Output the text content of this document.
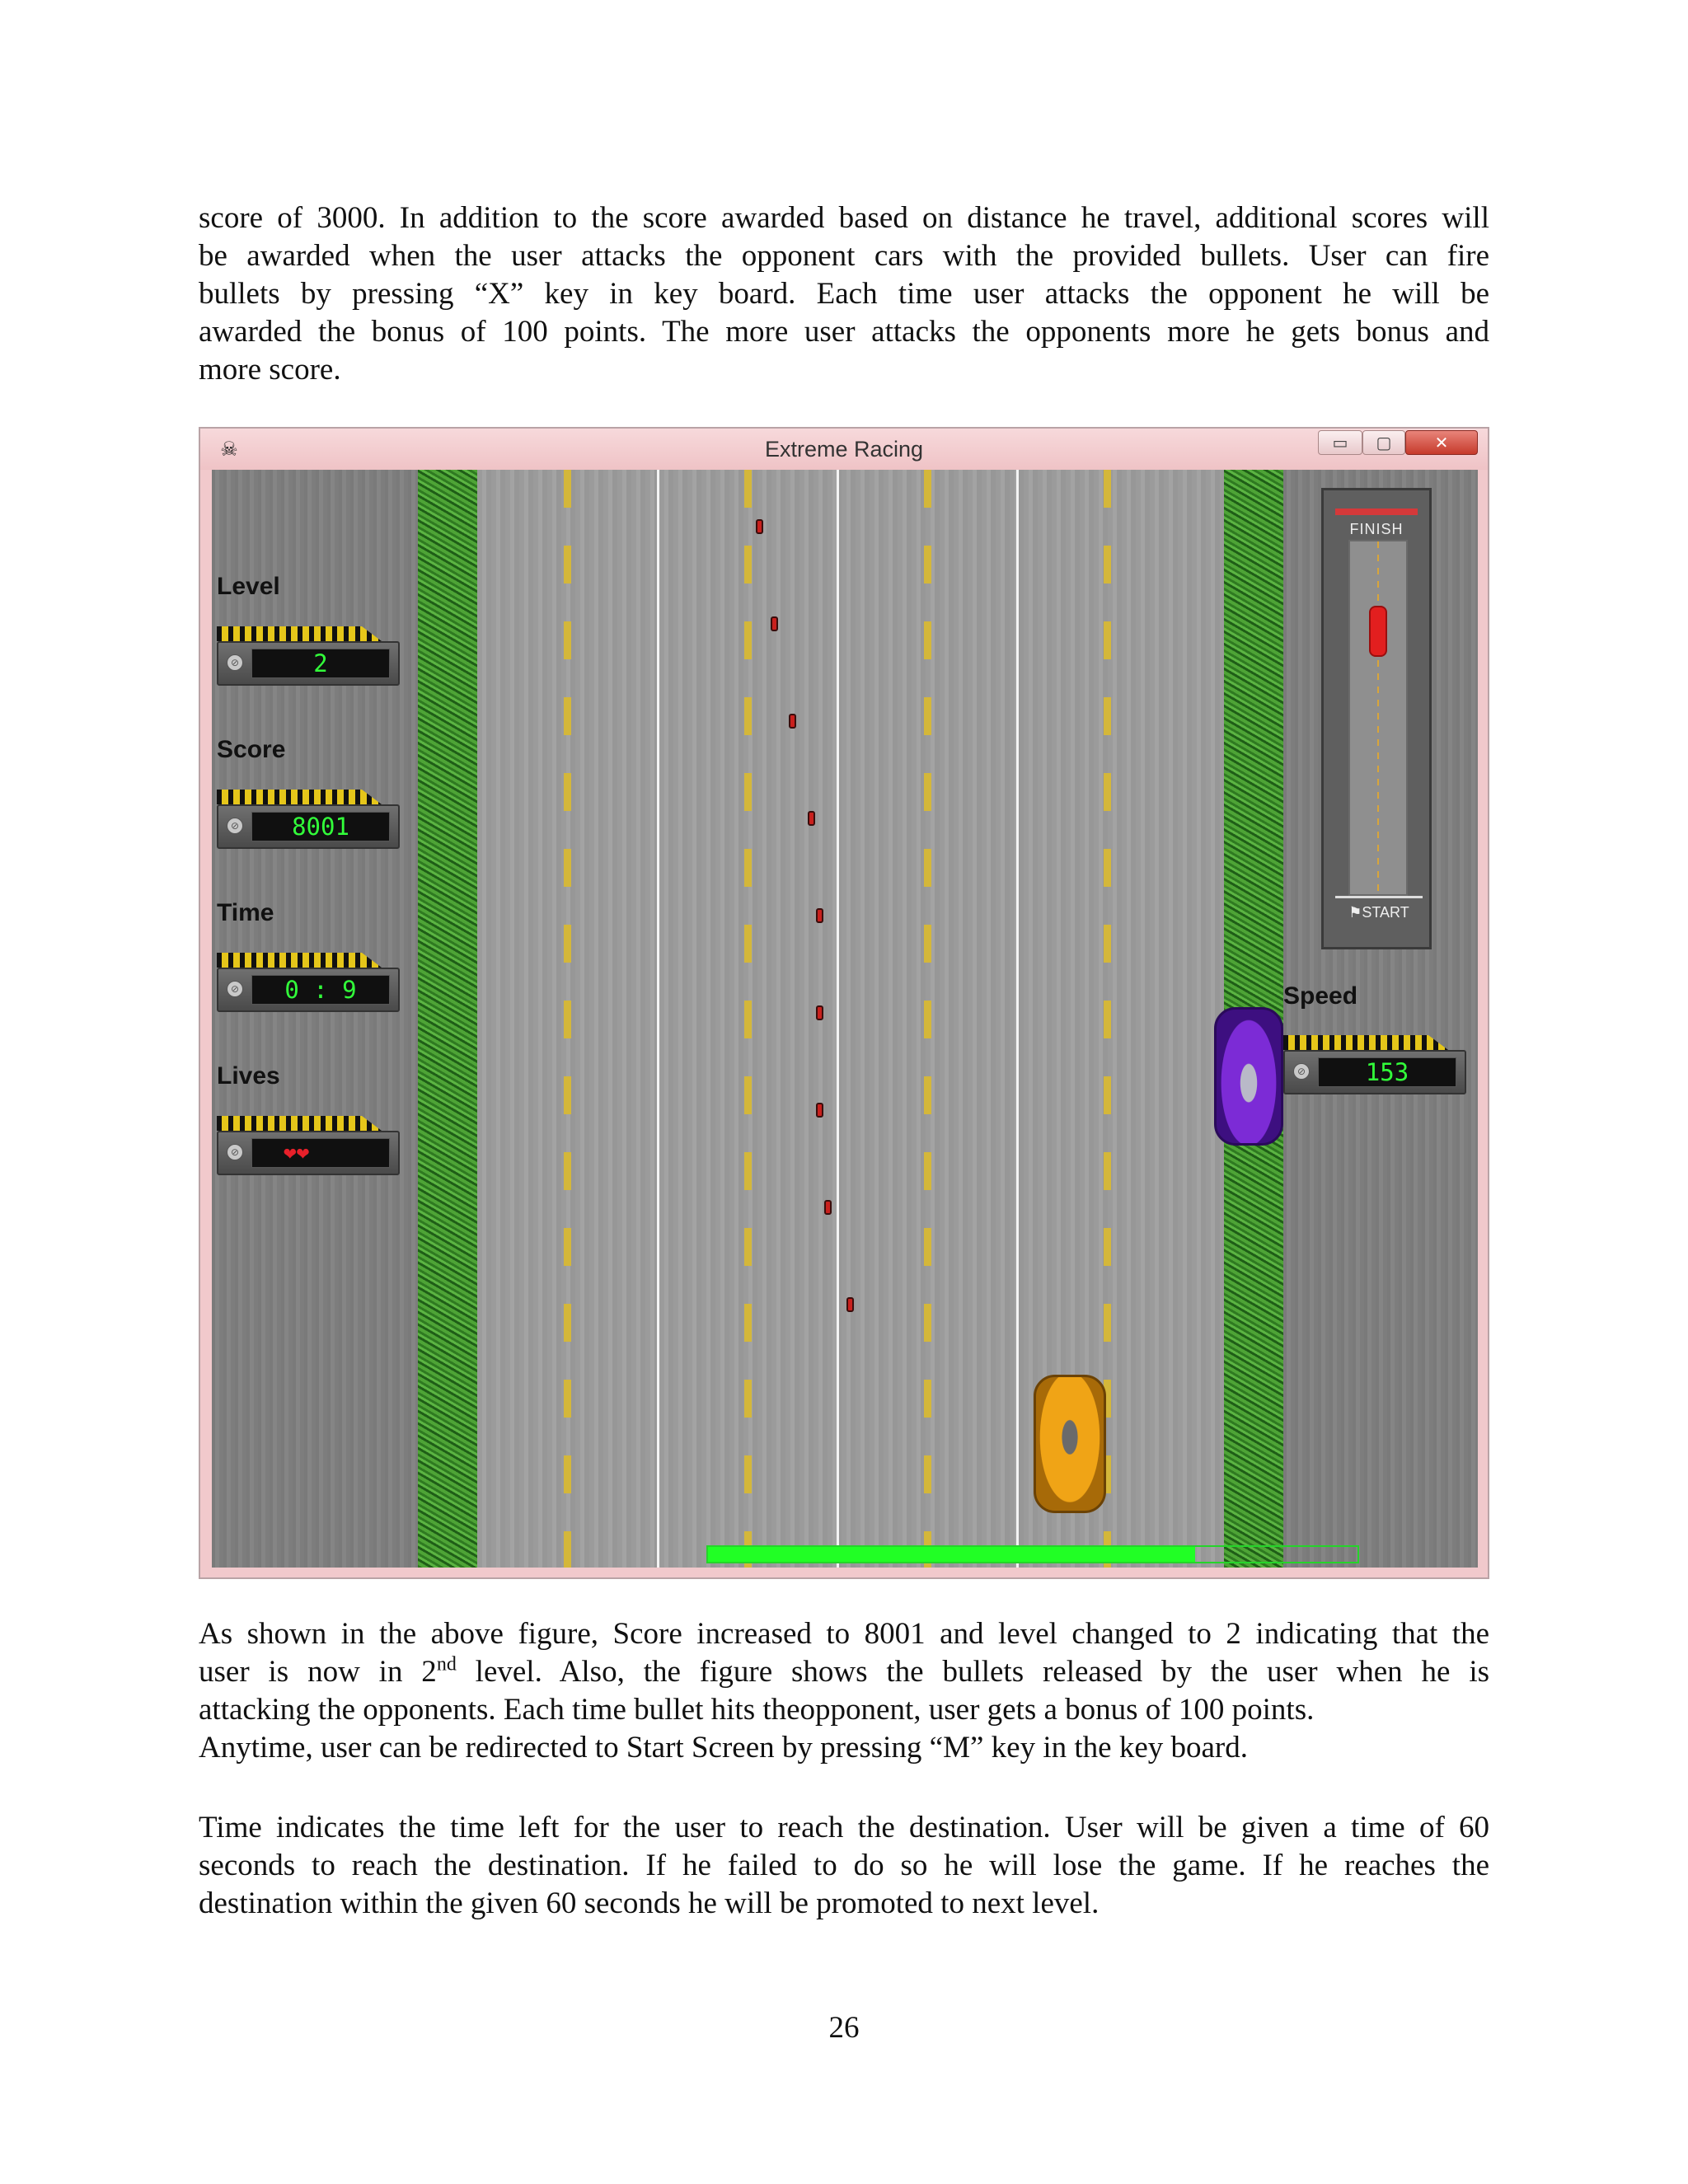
score of 3000. In addition to the score awarded based on distance he travel, additional scores will
be awarded when the user attacks the opponent cars with the provided bullets. User can fire
bullets by pressing “X” key in key board. Each time user attacks the opponent he will be
awarded the bonus of 100 points. The more user attacks the opponents more he gets bonus and
more score.
☠	Extreme Racing	▭	▢	✕
Level
⊘	2
Score
⊘	8001
Time
⊘	0 : 9
Lives
⊘	❤❤
FINISH
⚑START
Speed
⊘	153
As shown in the above figure, Score increased to 8001 and level changed to 2 indicating that the
user is now in 2nd level. Also, the figure shows the bullets released by the user when he is
attacking the opponents. Each time bullet hits theopponent, user gets a bonus of 100 points.
Anytime, user can be redirected to Start Screen by pressing “M” key in the key board.
Time indicates the time left for the user to reach the destination. User will be given a time of 60
seconds to reach the destination. If he failed to do so he will lose the game. If he reaches the
destination within the given 60 seconds he will be promoted to next level.
26
